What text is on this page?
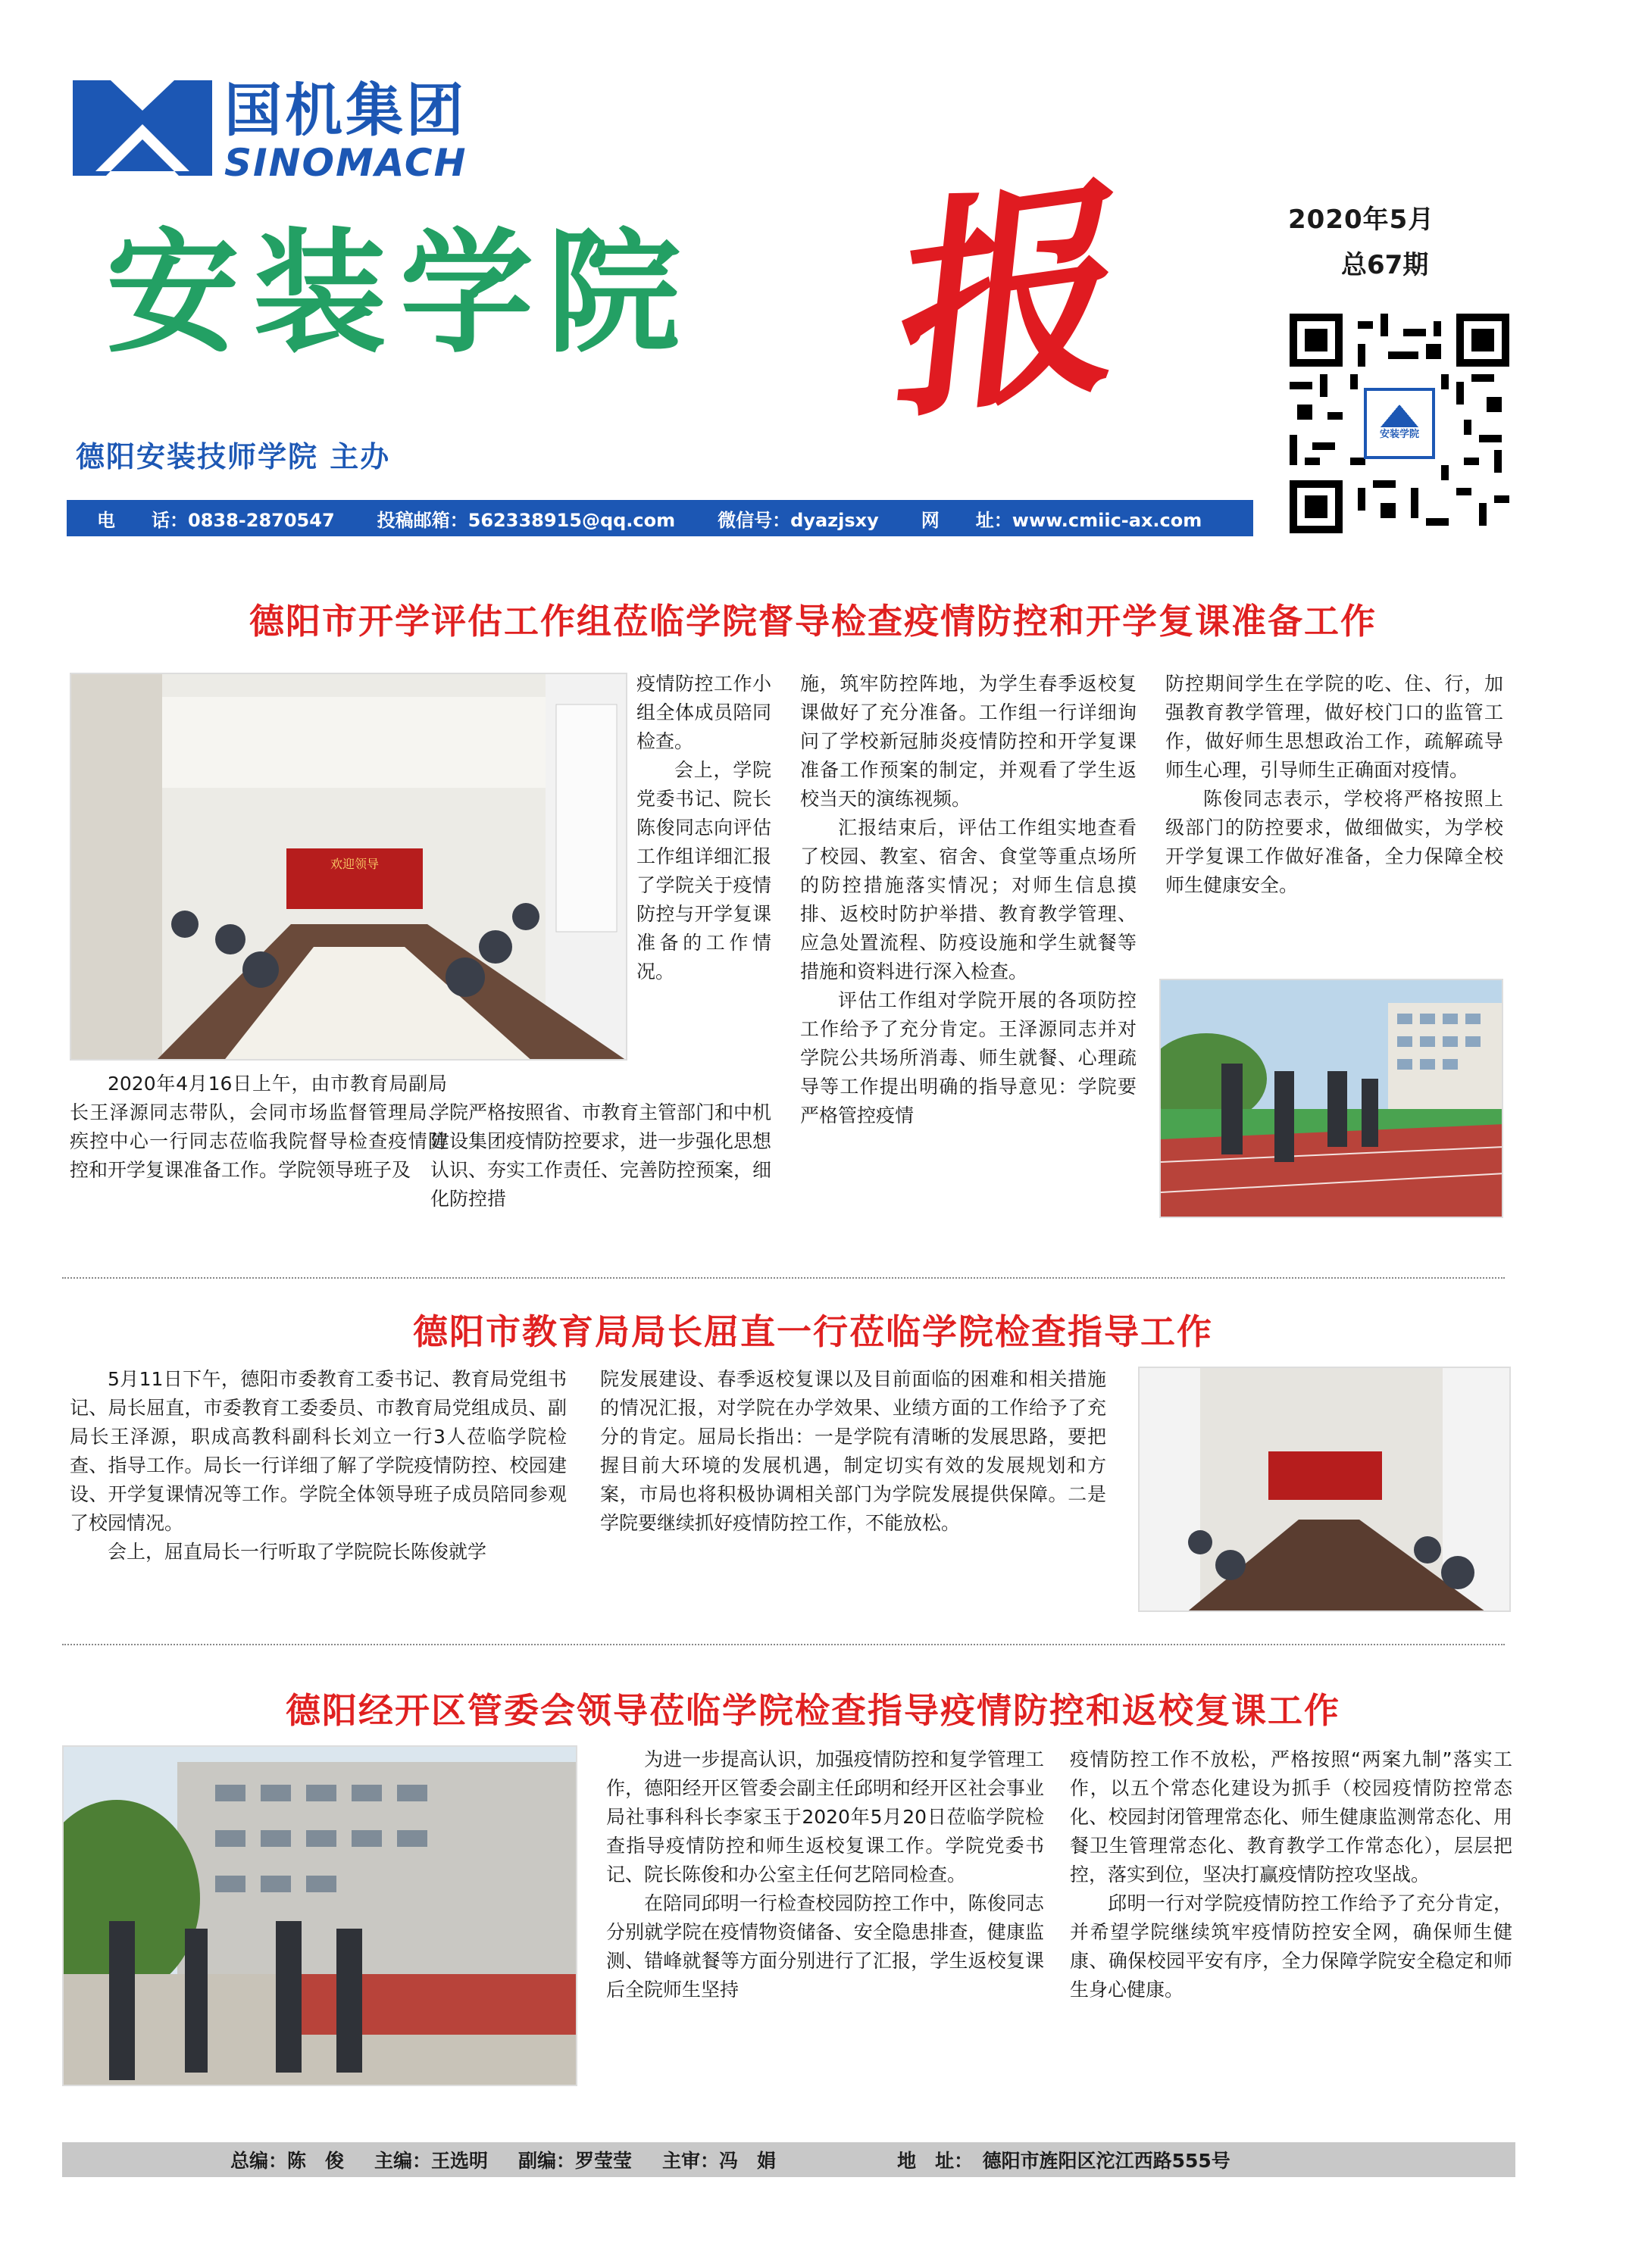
国机集团
SINOMACH
安装学院 报
德阳安装技师学院 主办
2020年5月
总67期
安装学院
电　　话：0838-2870547 投稿邮箱：562338915@qq.com 微信号：dyazjsxy 网　　址：www.cmiic-ax.com
德阳市开学评估工作组莅临学院督导检查疫情防控和开学复课准备工作
欢迎领导

2020年4月16日上午，由市教育局副局长王泽源同志带队，会同市场监督管理局、疾控中心一行同志莅临我院督导检查疫情防控和开学复课准备工作。学院领导班子及

疫情防控工作小组全体成员陪同检查。

会上，学院党委书记、院长陈俊同志向评估工作组详细汇报了学院关于疫情防控与开学复课准备的工作情况。

学院严格按照省、市教育主管部门和中机建设集团疫情防控要求，进一步强化思想认识、夯实工作责任、完善防控预案，细化防控措

施，筑牢防控阵地，为学生春季返校复课做好了充分准备。工作组一行详细询问了学校新冠肺炎疫情防控和开学复课准备工作预案的制定，并观看了学生返校当天的演练视频。

汇报结束后，评估工作组实地查看了校园、教室、宿舍、食堂等重点场所的防控措施落实情况；对师生信息摸排、返校时防护举措、教育教学管理、应急处置流程、防疫设施和学生就餐等措施和资料进行深入检查。

评估工作组对学院开展的各项防控工作给予了充分肯定。王泽源同志并对学院公共场所消毒、师生就餐、心理疏导等工作提出明确的指导意见：学院要严格管控疫情

防控期间学生在学院的吃、住、行，加强教育教学管理，做好校门口的监管工作，做好师生思想政治工作，疏解疏导师生心理，引导师生正确面对疫情。

陈俊同志表示，学校将严格按照上级部门的防控要求，做细做实，为学校开学复课工作做好准备，全力保障全校师生健康安全。

德阳市教育局局长屈直一行莅临学院检查指导工作

5月11日下午，德阳市委教育工委书记、教育局党组书记、局长屈直，市委教育工委委员、市教育局党组成员、副局长王泽源，职成高教科副科长刘立一行3人莅临学院检查、指导工作。局长一行详细了解了学院疫情防控、校园建设、开学复课情况等工作。学院全体领导班子成员陪同参观了校园情况。

会上，屈直局长一行听取了学院院长陈俊就学

院发展建设、春季返校复课以及目前面临的困难和相关措施的情况汇报，对学院在办学效果、业绩方面的工作给予了充分的肯定。屈局长指出：一是学院有清晰的发展思路，要把握目前大环境的发展机遇，制定切实有效的发展规划和方案，市局也将积极协调相关部门为学院发展提供保障。二是学院要继续抓好疫情防控工作，不能放松。

德阳经开区管委会领导莅临学院检查指导疫情防控和返校复课工作

为进一步提高认识，加强疫情防控和复学管理工作，德阳经开区管委会副主任邱明和经开区社会事业局社事科科长李家玉于2020年5月20日莅临学院检查指导疫情防控和师生返校复课工作。学院党委书记、院长陈俊和办公室主任何艺陪同检查。

在陪同邱明一行检查校园防控工作中，陈俊同志分别就学院在疫情物资储备、安全隐患排查，健康监测、错峰就餐等方面分别进行了汇报，学生返校复课后全院师生坚持

疫情防控工作不放松，严格按照“两案九制”落实工作，以五个常态化建设为抓手（校园疫情防控常态化、校园封闭管理常态化、师生健康监测常态化、用餐卫生管理常态化、教育教学工作常态化），层层把控，落实到位，坚决打赢疫情防控攻坚战。

邱明一行对学院疫情防控工作给予了充分肯定，并希望学院继续筑牢疫情防控安全网，确保师生健康、确保校园平安有序，全力保障学院安全稳定和师生身心健康。

总编：陈　俊 主编：王选明 副编：罗莹莹 主审：冯　娟	地　址：　德阳市旌阳区沱江西路555号
